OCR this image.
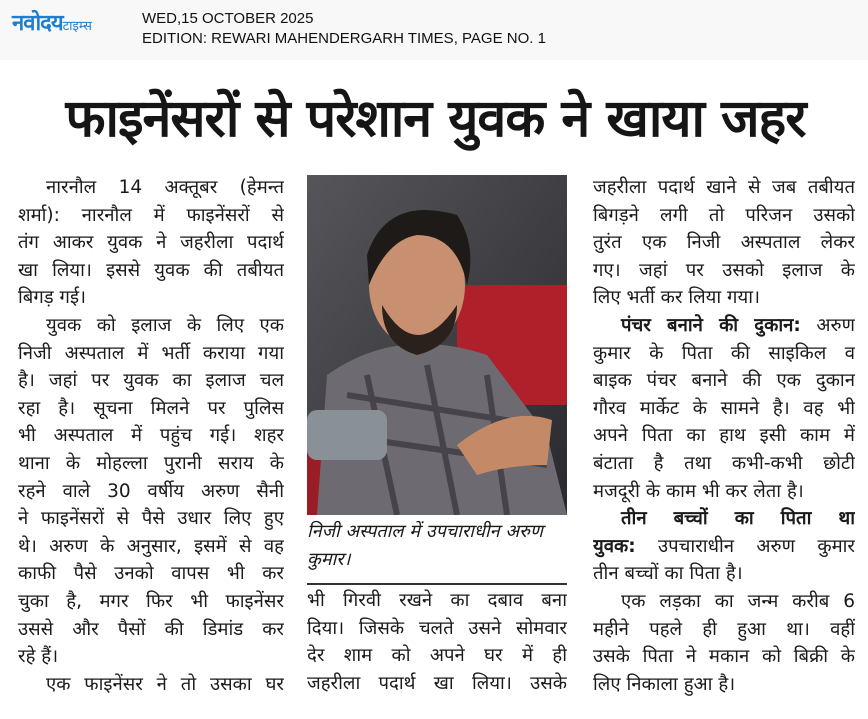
नवोदयटाइम्स	WED,15 OCTOBER 2025
EDITION: REWARI MAHENDERGARH TIMES, PAGE NO. 1
फाइनेंसरों से परेशान युवक ने खाया जहर
नारनौल 14 अक्तूबर (हेमन्त
शर्मा): नारनौल में फाइनेंसरों से
तंग आकर युवक ने जहरीला पदार्थ
खा लिया। इससे युवक की तबीयत
बिगड़ गई।
युवक को इलाज के लिए एक
निजी अस्पताल में भर्ती कराया गया
है। जहां पर युवक का इलाज चल
रहा है। सूचना मिलने पर पुलिस
भी अस्पताल में पहुंच गई। शहर
थाना के मोहल्ला पुरानी सराय के
रहने वाले 30 वर्षीय अरुण सैनी
ने फाइनेंसरों से पैसे उधार लिए हुए
थे। अरुण के अनुसार, इसमें से वह
काफी पैसे उनको वापस भी कर
चुका है, मगर फिर भी फाइनेंसर
उससे और पैसों की डिमांड कर
रहे हैं।
एक फाइनेंसर ने तो उसका घर
निजी अस्पताल में उपचाराधीन अरुण
कुमार।
भी गिरवी रखने का दबाव बना
दिया। जिसके चलते उसने सोमवार
देर शाम को अपने घर में ही
जहरीला पदार्थ खा लिया। उसके
जहरीला पदार्थ खाने से जब तबीयत
बिगड़ने लगी तो परिजन उसको
तुरंत एक निजी अस्पताल लेकर
गए। जहां पर उसको इलाज के
लिए भर्ती कर लिया गया।
पंचर बनाने की दुकान: अरुण
कुमार के पिता की साइकिल व
बाइक पंचर बनाने की एक दुकान
गौरव मार्केट के सामने है। वह भी
अपने पिता का हाथ इसी काम में
बंटाता है तथा कभी-कभी छोटी
मजदूरी के काम भी कर लेता है।
तीन बच्चों का पिता था
युवक: उपचाराधीन अरुण कुमार
तीन बच्चों का पिता है।
एक लड़का का जन्म करीब 6
महीने पहले ही हुआ था। वहीं
उसके पिता ने मकान को बिक्री के
लिए निकाला हुआ है।
